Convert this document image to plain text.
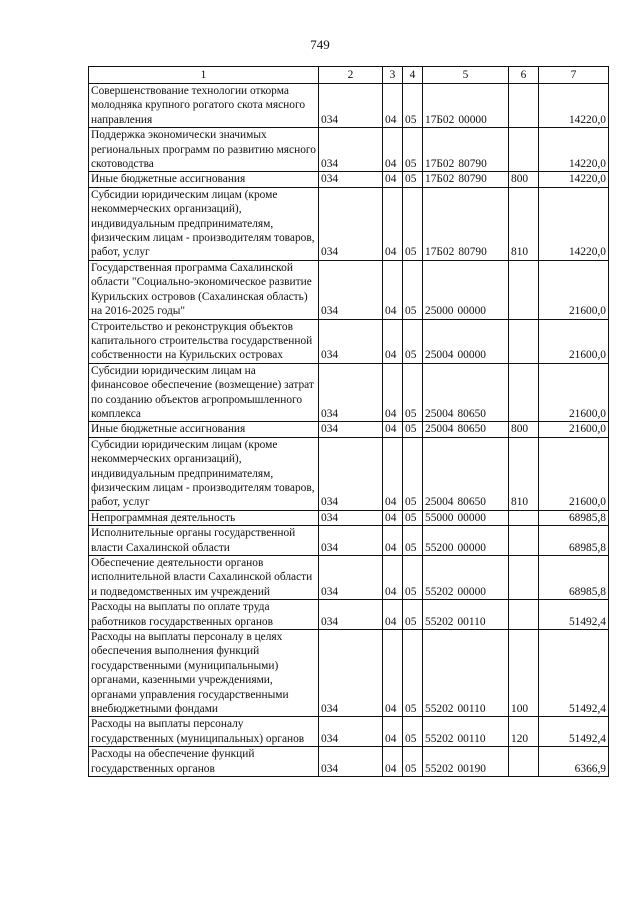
749
1	2	3	4	5	6	7
Совершенствование технологии откорма молодняка крупного рогатого скота мясного направления	034	04	05	17Б02 00000		14220,0
Поддержка экономически значимых региональных программ по развитию мясного скотоводства	034	04	05	17Б02 80790		14220,0
Иные бюджетные ассигнования	034	04	05	17Б02 80790	800	14220,0
Субсидии юридическим лицам (кроме некоммерческих организаций), индивидуальным предпринимателям, физическим лицам - производителям товаров, работ, услуг	034	04	05	17Б02 80790	810	14220,0
Государственная программа Сахалинской области "Социально-экономическое развитие Курильских островов (Сахалинская область) на 2016-2025 годы"	034	04	05	25000 00000		21600,0
Строительство и реконструкция объектов капитального строительства государственной собственности на Курильских островах	034	04	05	25004 00000		21600,0
Субсидии юридическим лицам на финансовое обеспечение (возмещение) затрат по созданию объектов агропромышленного комплекса	034	04	05	25004 80650		21600,0
Иные бюджетные ассигнования	034	04	05	25004 80650	800	21600,0
Субсидии юридическим лицам (кроме некоммерческих организаций), индивидуальным предпринимателям, физическим лицам - производителям товаров, работ, услуг	034	04	05	25004 80650	810	21600,0
Непрограммная деятельность	034	04	05	55000 00000		68985,8
Исполнительные органы государственной власти Сахалинской области	034	04	05	55200 00000		68985,8
Обеспечение деятельности органов исполнительной власти Сахалинской области и подведомственных им учреждений	034	04	05	55202 00000		68985,8
Расходы на выплаты по оплате труда работников государственных органов	034	04	05	55202 00110		51492,4
Расходы на выплаты персоналу в целях обеспечения выполнения функций государственными (муниципальными) органами, казенными учреждениями, органами управления государственными внебюджетными фондами	034	04	05	55202 00110	100	51492,4
Расходы на выплаты персоналу государственных (муниципальных) органов	034	04	05	55202 00110	120	51492,4
Расходы на обеспечение функций государственных органов	034	04	05	55202 00190		6366,9
